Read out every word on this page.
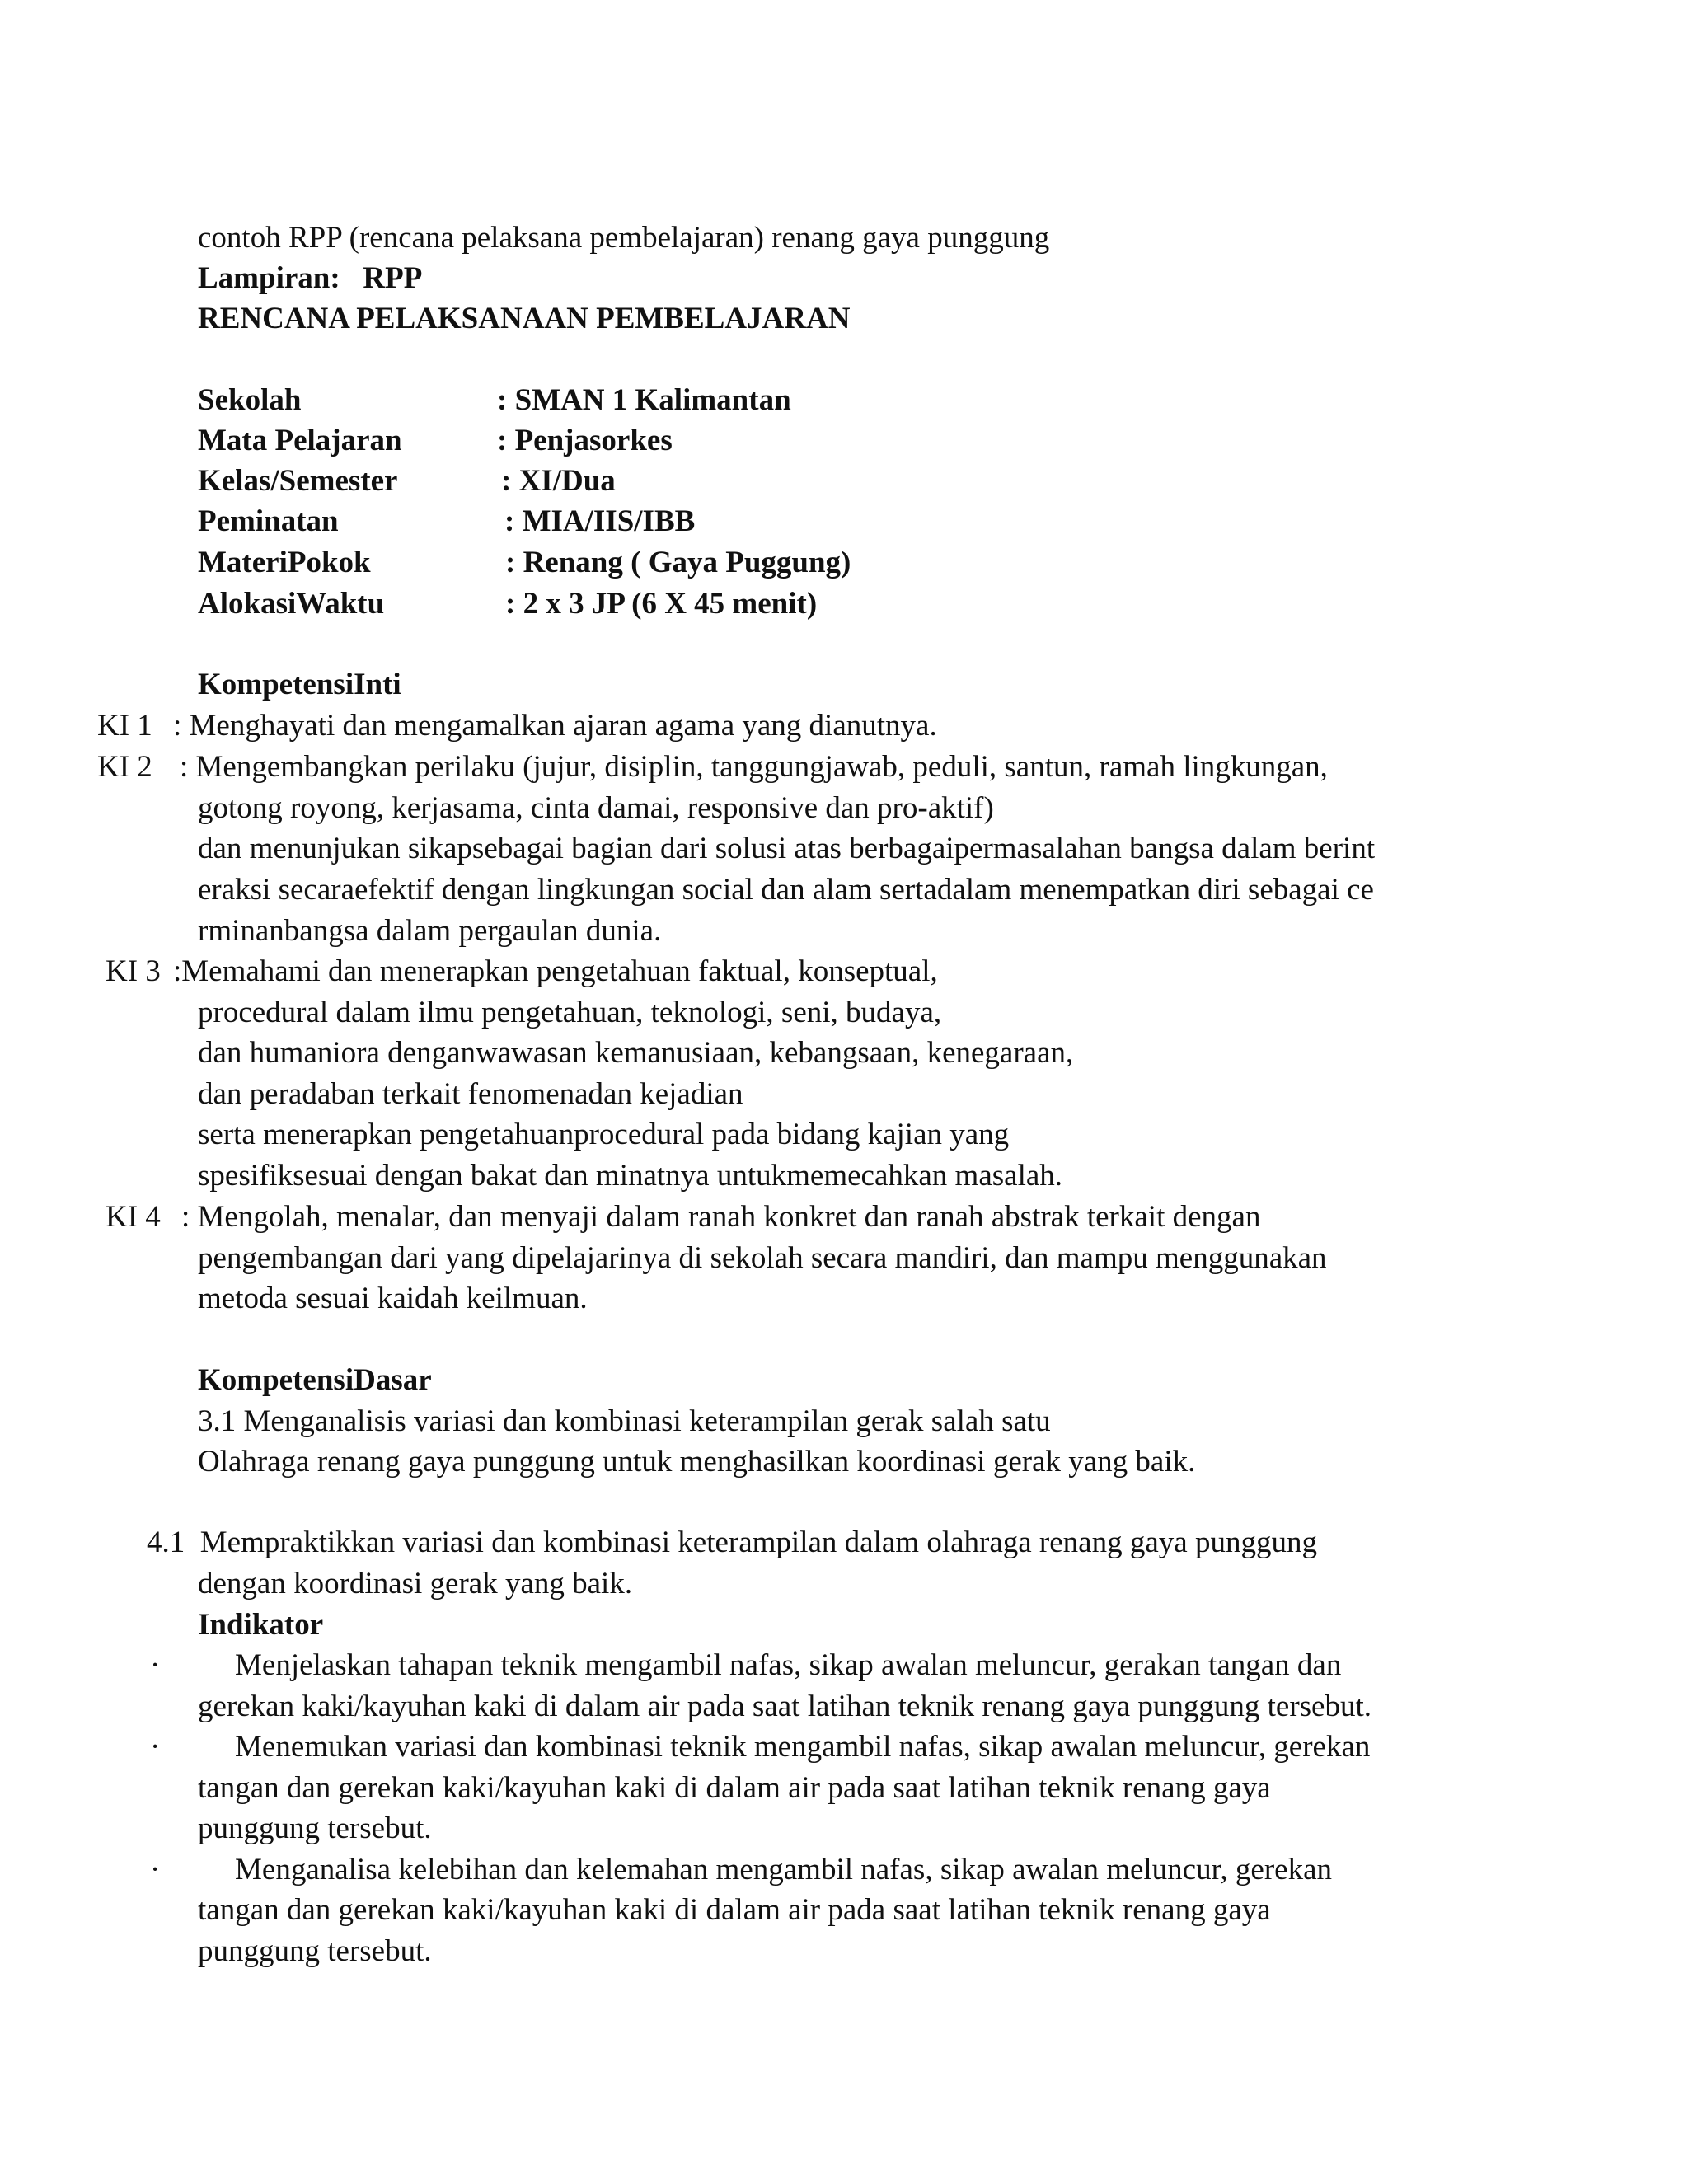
contoh RPP (rencana pelaksana pembelajaran) renang gaya punggung
Lampiran:   RPP
RENCANA PELAKSANAAN PEMBELAJARAN
Sekolah	: SMAN 1 Kalimantan
Mata Pelajaran	: Penjasorkes
Kelas/Semester	: XI/Dua
Peminatan	: MIA/IIS/IBB
MateriPokok	: Renang ( Gaya Puggung)
AlokasiWaktu	: 2 x 3 JP (6 X 45 menit)
KompetensiInti
KI 1 : Menghayati dan mengamalkan ajaran agama yang dianutnya.
KI 2 : Mengembangkan perilaku (jujur, disiplin, tanggungjawab, peduli, santun, ramah lingkungan,
gotong royong, kerjasama, cinta damai, responsive dan pro-aktif)
dan menunjukan sikapsebagai bagian dari solusi atas berbagaipermasalahan bangsa dalam berint
eraksi secaraefektif dengan lingkungan social dan alam sertadalam menempatkan diri sebagai ce
rminanbangsa dalam pergaulan dunia.
KI 3 :Memahami dan menerapkan pengetahuan faktual, konseptual,
procedural dalam ilmu pengetahuan, teknologi, seni, budaya,
dan humaniora denganwawasan kemanusiaan, kebangsaan, kenegaraan,
dan peradaban terkait fenomenadan kejadian
serta menerapkan pengetahuanprocedural pada bidang kajian yang
spesifiksesuai dengan bakat dan minatnya untukmemecahkan masalah.
KI 4 : Mengolah, menalar, dan menyaji dalam ranah konkret dan ranah abstrak terkait dengan
pengembangan dari yang dipelajarinya di sekolah secara mandiri, dan mampu menggunakan
metoda sesuai kaidah keilmuan.
KompetensiDasar
3.1 Menganalisis variasi dan kombinasi keterampilan gerak salah satu
Olahraga renang gaya punggung untuk menghasilkan koordinasi gerak yang baik.
4.1  Mempraktikkan variasi dan kombinasi keterampilan dalam olahraga renang gaya punggung
dengan koordinasi gerak yang baik.
Indikator
· Menjelaskan tahapan teknik mengambil nafas, sikap awalan meluncur, gerakan tangan dan
gerekan kaki/kayuhan kaki di dalam air pada saat latihan teknik renang gaya punggung tersebut.
· Menemukan variasi dan kombinasi teknik mengambil nafas, sikap awalan meluncur, gerekan
tangan dan gerekan kaki/kayuhan kaki di dalam air pada saat latihan teknik renang gaya
punggung tersebut.
· Menganalisa kelebihan dan kelemahan mengambil nafas, sikap awalan meluncur, gerekan
tangan dan gerekan kaki/kayuhan kaki di dalam air pada saat latihan teknik renang gaya
punggung tersebut.
